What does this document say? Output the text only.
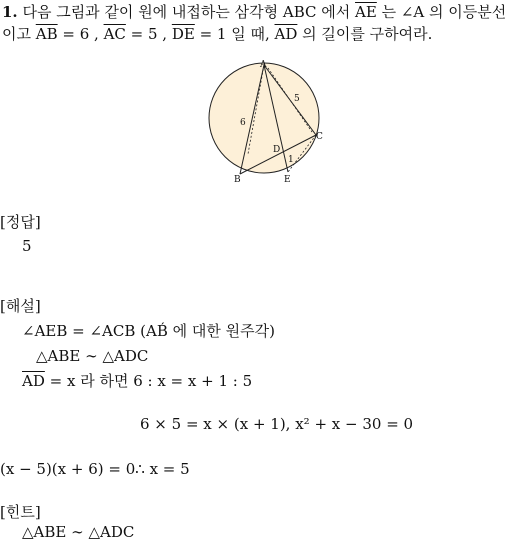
1. 다음 그림과 같이 원에 내접하는 삼각형 ABC 에서 $\overline{AE}$ 는 ∠A 의 이등분선
이고 $\overline{AB} = 6$ , $\overline{AC} = 5$ , $\overline{DE} = 1$ 일 때, $\overline{AD}$ 의 길이를 구하여라.
A
B
C
D
E
6
5
1
[정답]
5
[해설]
∠AEB = ∠ACB (AB́ 에 대한 원주각)
△ABE ∼ △ADC
$\overline{AD} = x$ 라 하면 6 : x = x + 1 : 5
6 × 5 = x × (x + 1), x² + x − 30 = 0
(x − 5)(x + 6) = 0∴ x = 5
[힌트]
△ABE ∼ △ADC
